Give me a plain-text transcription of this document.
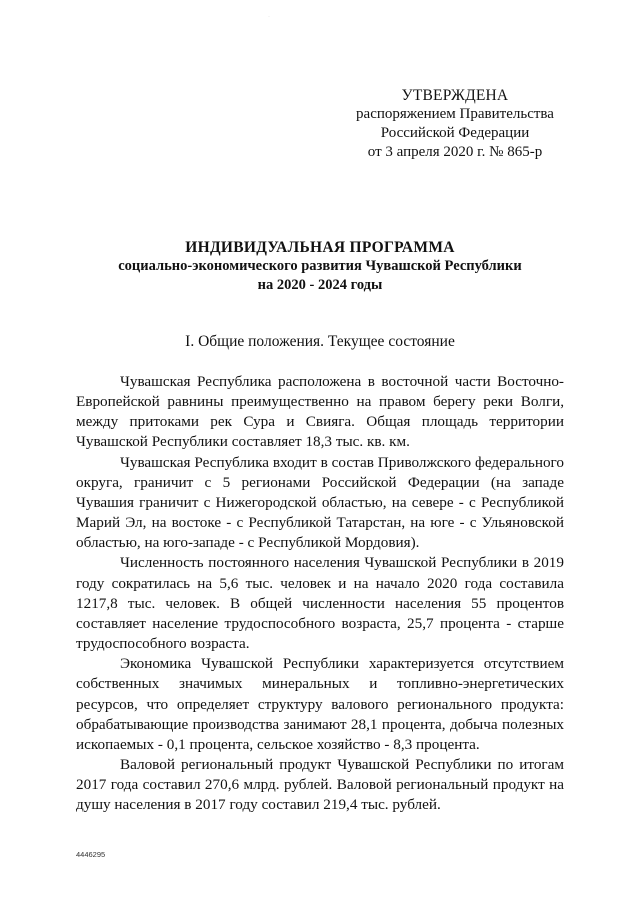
·
УТВЕРЖДЕНА
распоряжением Правительства
Российской Федерации
от 3 апреля 2020 г. № 865-р
ИНДИВИДУАЛЬНАЯ ПРОГРАММА
социально-экономического развития Чувашской Республики
на 2020 - 2024 годы
I. Общие положения. Текущее состояние

Чувашская Республика расположена в восточной части Восточно-Европейской равнины преимущественно на правом берегу реки Волги, между притоками рек Сура и Свияга. Общая площадь территории Чувашской Республики составляет 18,3 тыс. кв. км.

Чувашская Республика входит в состав Приволжского федерального округа, граничит с 5 регионами Российской Федерации (на западе Чувашия граничит с Нижегородской областью, на севере - с Республикой Марий Эл, на востоке - с Республикой Татарстан, на юге - с Ульяновской областью, на юго-западе - с Республикой Мордовия).

Численность постоянного населения Чувашской Республики в 2019 году сократилась на 5,6 тыс. человек и на начало 2020 года составила 1217,8 тыс. человек. В общей численности населения 55 процентов составляет население трудоспособного возраста, 25,7 процента - старше трудоспособного возраста.

Экономика Чувашской Республики характеризуется отсутствием собственных значимых минеральных и топливно-энергетических ресурсов, что определяет структуру валового регионального продукта: обрабатывающие производства занимают 28,1 процента, добыча полезных ископаемых - 0,1 процента, сельское хозяйство - 8,3 процента.

Валовой региональный продукт Чувашской Республики по итогам 2017 года составил 270,6 млрд. рублей. Валовой региональный продукт на душу населения в 2017 году составил 219,4 тыс. рублей.

4446295
